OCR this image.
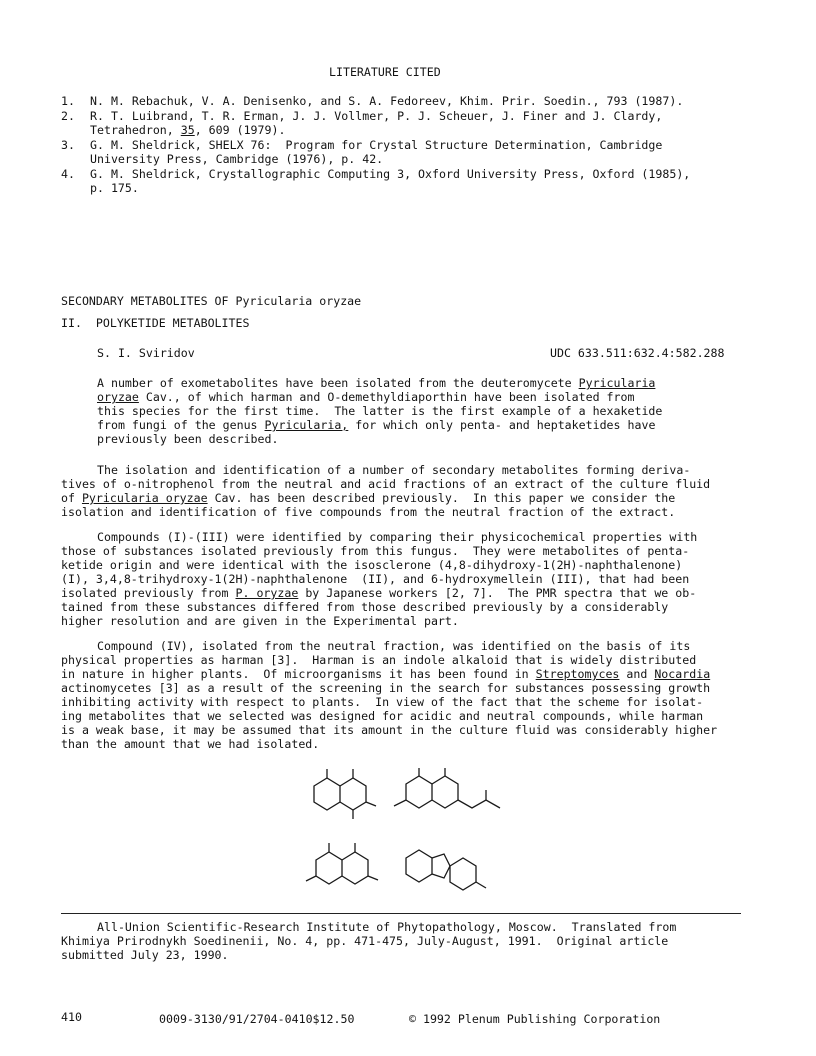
LITERATURE CITED
1. N. M. Rebachuk, V. A. Denisenko, and S. A. Fedoreev, Khim. Prir. Soedin., 793 (1987).
2. R. T. Luibrand, T. R. Erman, J. J. Vollmer, P. J. Scheuer, J. Finer and J. Clardy,
Tetrahedron, 35, 609 (1979).
3. G. M. Sheldrick, SHELX 76:  Program for Crystal Structure Determination, Cambridge
University Press, Cambridge (1976), p. 42.
4. G. M. Sheldrick, Crystallographic Computing 3, Oxford University Press, Oxford (1985),
p. 175.
SECONDARY METABOLITES OF Pyricularia oryzae
II.  POLYKETIDE METABOLITES
S. I. Sviridov	UDC 633.511:632.4:582.288
A number of exometabolites have been isolated from the deuteromycete Pyricularia
oryzae Cav., of which harman and O-demethyldiaporthin have been isolated from
this species for the first time.  The latter is the first example of a hexaketide
from fungi of the genus Pyricularia, for which only penta- and heptaketides have
previously been described.
The isolation and identification of a number of secondary metabolites forming deriva-
tives of o-nitrophenol from the neutral and acid fractions of an extract of the culture fluid
of Pyricularia oryzae Cav. has been described previously.  In this paper we consider the
isolation and identification of five compounds from the neutral fraction of the extract.
Compounds (I)-(III) were identified by comparing their physicochemical properties with
those of substances isolated previously from this fungus.  They were metabolites of penta-
ketide origin and were identical with the isosclerone (4,8-dihydroxy-1(2H)-naphthalenone)
(I), 3,4,8-trihydroxy-1(2H)-naphthalenone  (II), and 6-hydroxymellein (III), that had been
isolated previously from P. oryzae by Japanese workers [2, 7].  The PMR spectra that we ob-
tained from these substances differed from those described previously by a considerably
higher resolution and are given in the Experimental part.
Compound (IV), isolated from the neutral fraction, was identified on the basis of its
physical properties as harman [3].  Harman is an indole alkaloid that is widely distributed
in nature in higher plants.  Of microorganisms it has been found in Streptomyces and Nocardia
actinomycetes [3] as a result of the screening in the search for substances possessing growth
inhibiting activity with respect to plants.  In view of the fact that the scheme for isolat-
ing metabolites that we selected was designed for acidic and neutral compounds, while harman
is a weak base, it may be assumed that its amount in the culture fluid was considerably higher
than the amount that we had isolated.
All-Union Scientific-Research Institute of Phytopathology, Moscow.  Translated from
Khimiya Prirodnykh Soedinenii, No. 4, pp. 471-475, July-August, 1991.  Original article
submitted July 23, 1990.
410	0009-3130/91/2704-0410$12.50	© 1992 Plenum Publishing Corporation
